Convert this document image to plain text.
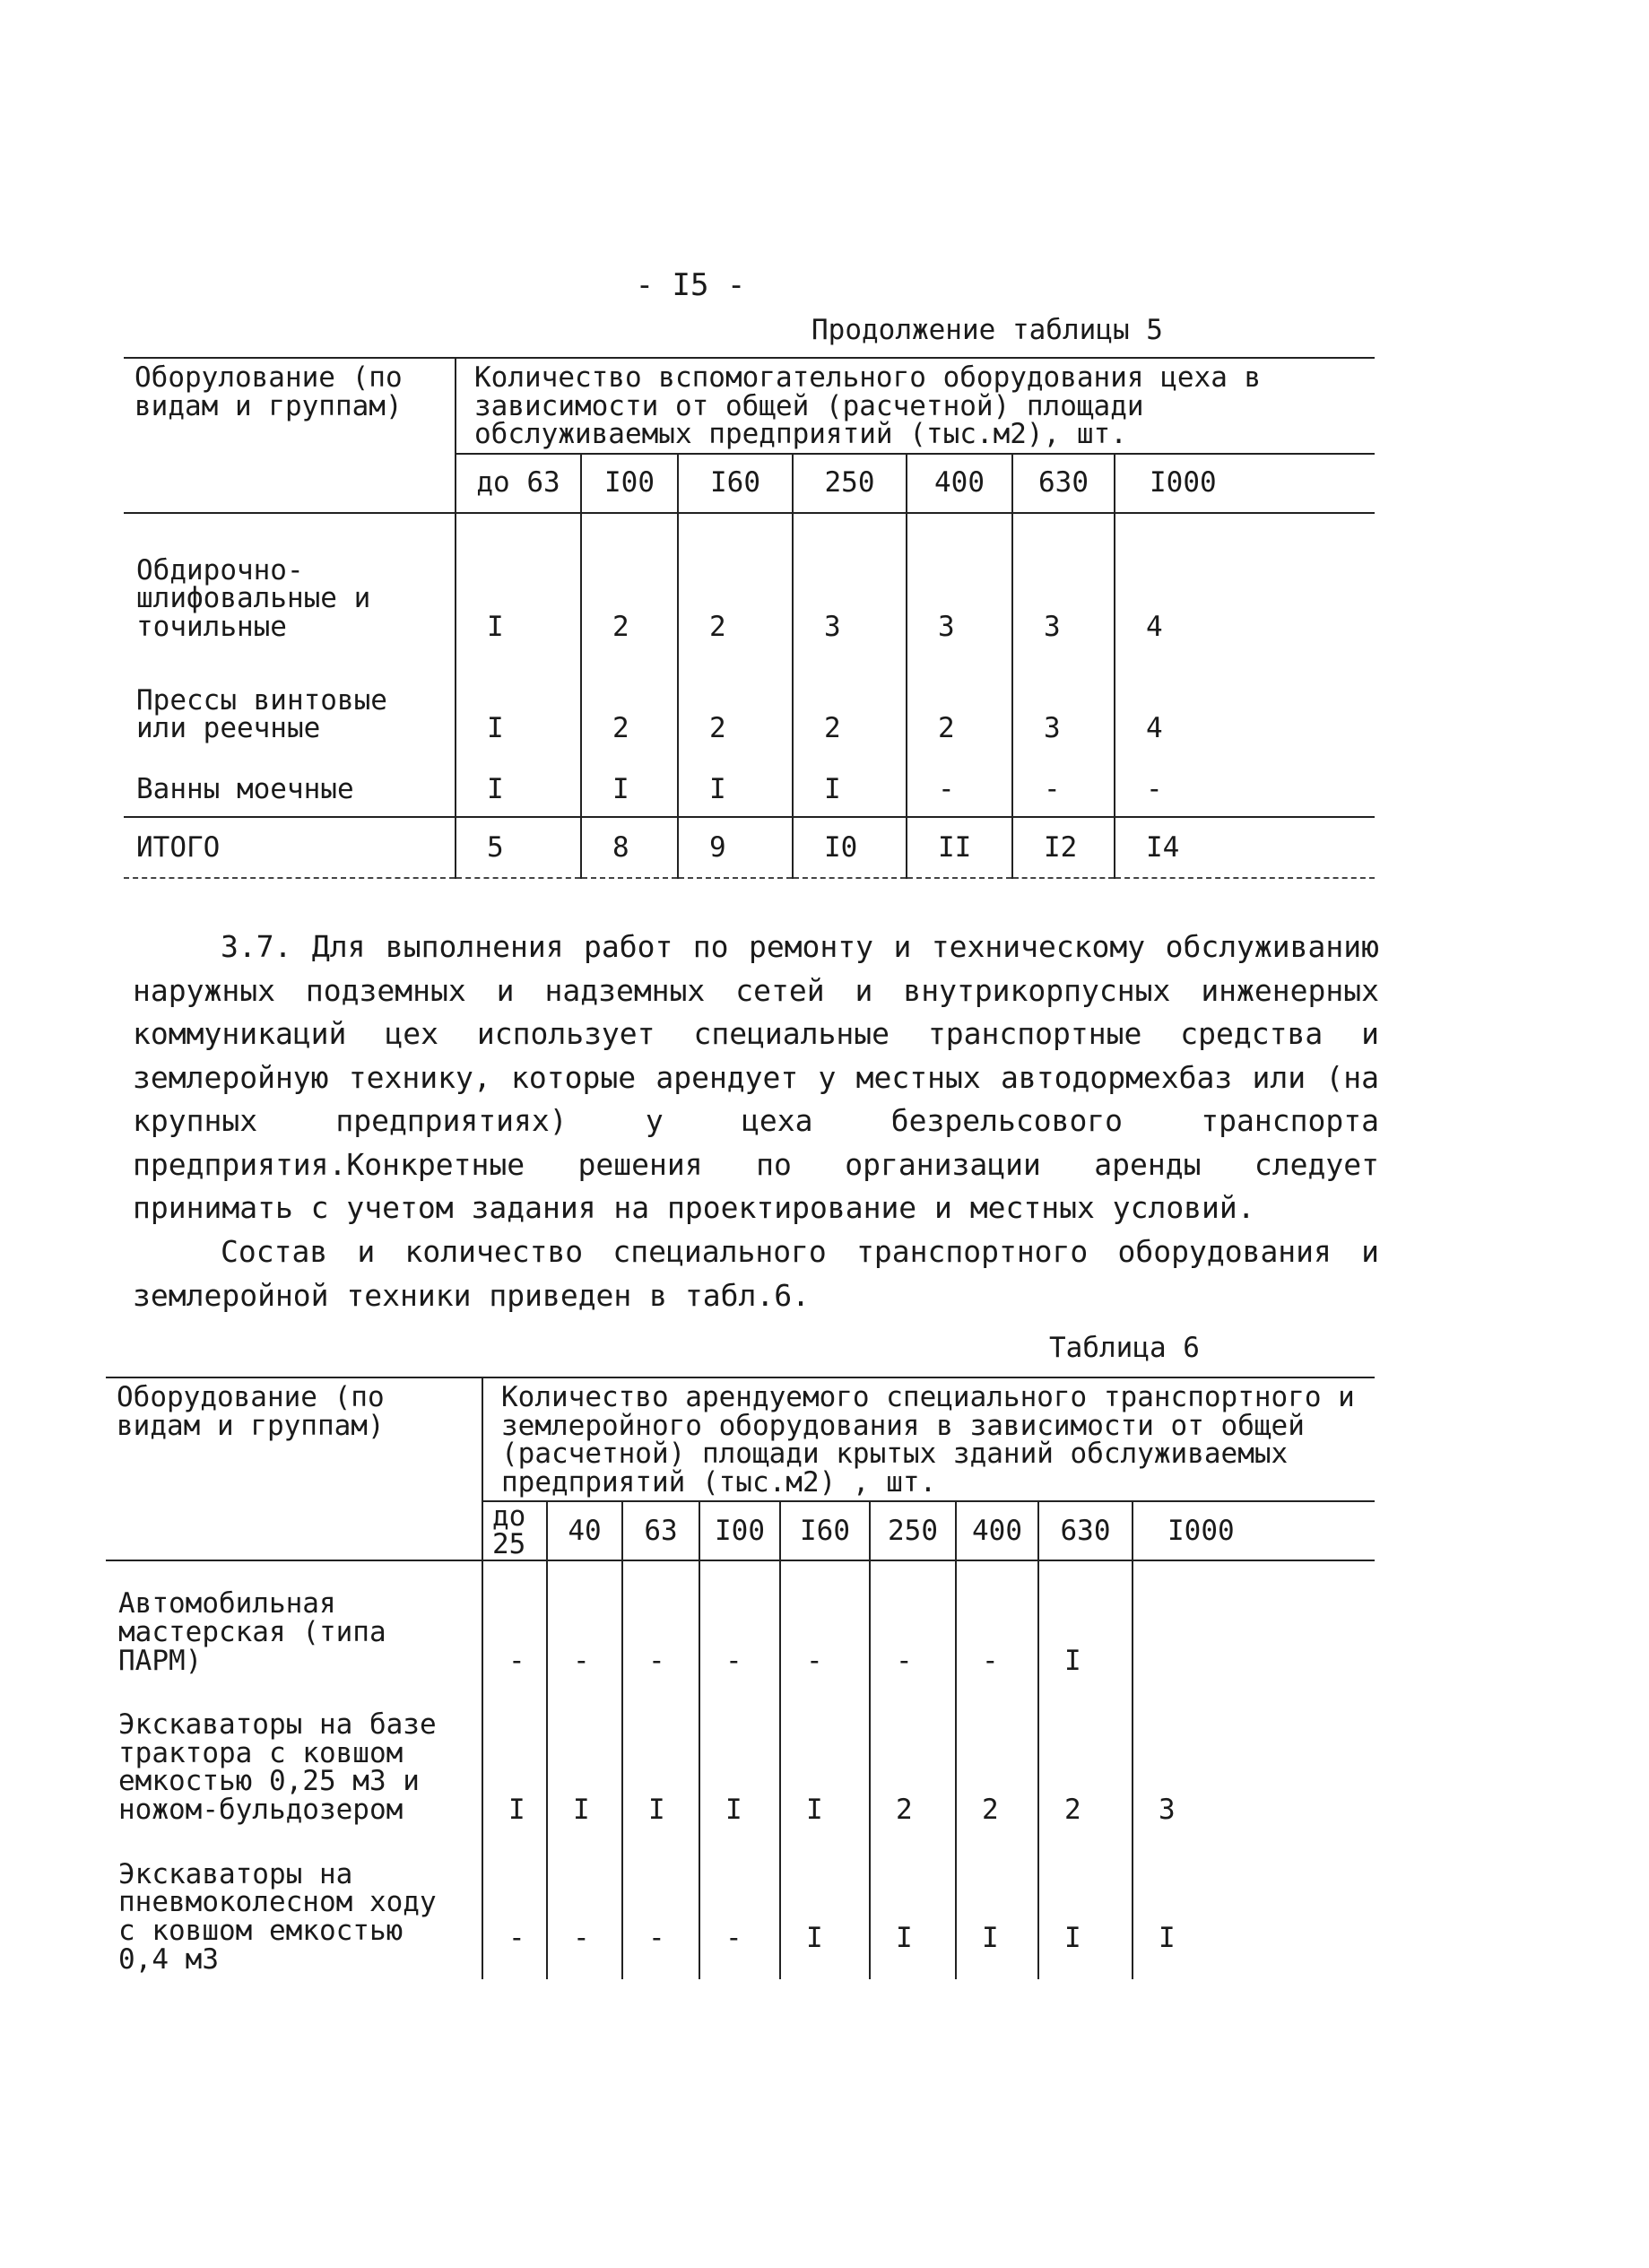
- I5 -
Продолжение таблицы 5
Оборулование (по видам и группам)	Количество вспомогательного оборудования цеха в зависимости от общей (расчетной) площади обслуживаемых предприятий (тыс.м2), шт.						
	до 63	I00	I60	250	400	630	I000
Обдирочно-шлифовальные и точильные	I	2	2	3	3	3	4
Прессы винтовые или реечные	I	2	2	2	2	3	4
Ванны моечные	I	I	I	I	-	-	-
ИТОГО	5	8	9	I0	II	I2	I4

3.7. Для выполнения работ по ремонту и техническому обслуживанию наружных подземных и надземных сетей и внутрикорпусных инженерных коммуникаций цех использует специальные транспортные средства и землеройную технику, которые арендует у местных автодормехбаз или (на крупных предприятиях) у цеха безрельсового транспорта предприятия.Конкретные решения по организации аренды следует принимать с учетом задания на проектирование и местных условий.

Состав и количество специального транспортного оборудования и землеройной техники приведен в табл.6.

Таблица 6
Оборудование (по видам и группам)	Количество арендуемого специального транспортного и землеройного оборудования в зависимости от общей (расчетной) площади крытых зданий обслуживаемых предприятий (тыс.м2) , шт.								
	до 25	40	63	I00	I60	250	400	630	I000
Автомобильная мастерская (типа ПАРМ)	-	-	-	-	-	-	-	I	
Экскаваторы на базе трактора с ковшом емкостью 0,25 м3 и ножом-бульдозером	I	I	I	I	I	2	2	2	3
Экскаваторы на пневмоколесном ходу с ковшом емкостью 0,4 м3	-	-	-	-	I	I	I	I	I
